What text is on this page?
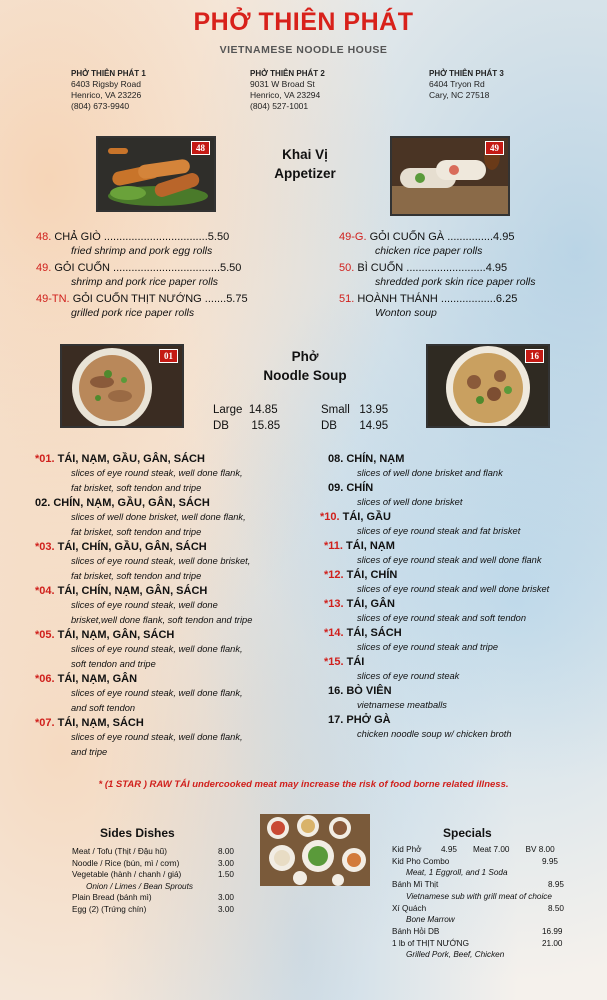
PHỞ THIÊN PHÁT
VIETNAMESE NOODLE HOUSE
PHỞ THIÊN PHÁT 1
6403 Rigsby Road
Henrico, VA 23226
(804) 673-9940
PHỞ THIÊN PHÁT 2
9031 W Broad St
Henrico, VA 23294
(804) 527-1001
PHỞ THIÊN PHÁT 3
6404 Tryon Rd
Cary, NC 27518
48	49
Khai Vị
Appetizer
48. CHẢ GIÒ ..................................5.50
fried shrimp and pork egg rolls
49. GỎI CUỐN ...................................5.50
shrimp and pork rice paper rolls
49-TN. GỎI CUỐN THỊT NƯỚNG .......5.75
grilled pork rice paper rolls
49-G. GỎI CUỐN GÀ ...............4.95
chicken rice paper rolls
50. BÌ CUỐN ..........................4.95
shredded pork skin rice paper rolls
51. HOÀNH THÁNH ..................6.25
Wonton soup
01	16
Phở
Noodle Soup
Large 14.85
DB 15.85
Small 13.95
DB 14.95
*01. TÁI, NẠM, GẦU, GÂN, SÁCH
slices of eye round steak, well done flank,
fat brisket, soft tendon and tripe
02. CHÍN, NẠM, GẦU, GÂN, SÁCH
slices of well done brisket, well done flank,
fat brisket, soft tendon and tripe
*03. TÁI, CHÍN, GẦU, GÂN, SÁCH
slices of eye round steak, well done brisket,
fat brisket, soft tendon and tripe
*04. TÁI, CHÍN, NẠM, GÂN, SÁCH
slices of eye round steak, well done
brisket,well done flank, soft tendon and tripe
*05. TÁI, NẠM, GÂN, SÁCH
slices of eye round steak, well done flank,
soft tendon and tripe
*06. TÁI, NẠM, GÂN
slices of eye round steak, well done flank,
and soft tendon
*07. TÁI, NẠM, SÁCH
slices of eye round steak, well done flank,
and tripe
08. CHÍN, NẠM
slices of well done brisket and flank
09. CHÍN
slices of well done brisket
*10. TÁI, GẦU
slices of eye round steak and fat brisket
*11. TÁI, NẠM
slices of eye round steak and well done flank
*12. TÁI, CHÍN
slices of eye round steak and well done brisket
*13. TÁI, GÂN
slices of eye round steak and soft tendon
*14. TÁI, SÁCH
slices of eye round steak and tripe
*15. TÁI
slices of eye round steak
16. BÒ VIÊN
vietnamese meatballs
17. PHỞ GÀ
chicken noodle soup w/ chicken broth
* (1 STAR ) RAW TÁI undercooked meat may increase the risk of food borne related illness.
Sides Dishes
Meat / Tofu (Thịt / Đậu hũ)	8.00
Noodle / Rice (bún, mì / cơm)	3.00
Vegetable (hành / chanh / giá)	1.50
Onion / Limes / Bean Sprouts
Plain Bread (bánh mì)	3.00
Egg (2) (Trứng chín)	3.00
Specials
Kid Phở 4.95 Meat 7.00 BV 8.00
Kid Pho Combo	9.95
Meat, 1 Eggroll, and 1 Soda
Bánh Mì Thịt	8.95
Vietnamese sub with grill meat of choice
Xí Quách	8.50
Bone Marrow
Bánh Hỏi DB	16.99
1 lb of THỊT NƯỚNG	21.00
Grilled Pork, Beef, Chicken
